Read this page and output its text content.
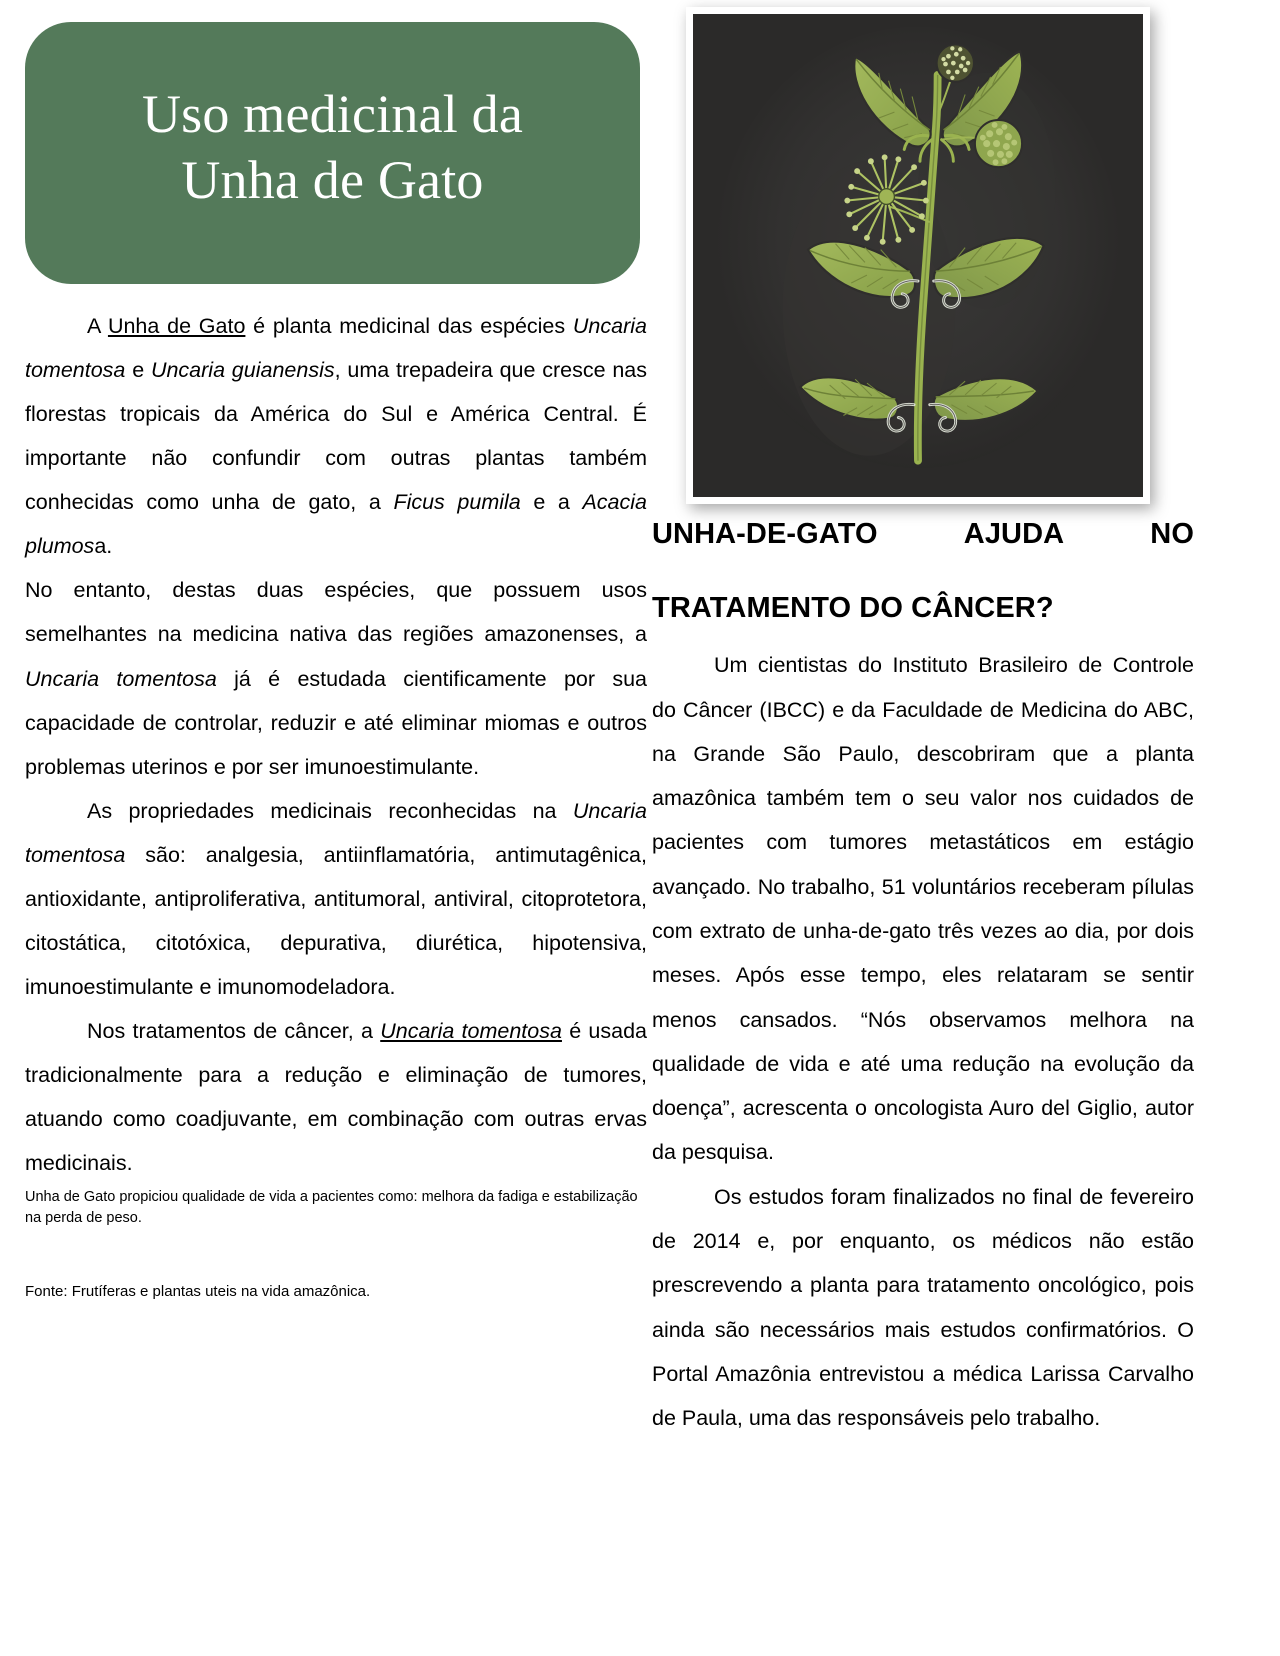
Uso medicinal da
Unha de Gato

A Unha de Gato é planta medicinal das espécies Uncaria tomentosa e Uncaria guianensis, uma trepadeira que cresce nas florestas tropicais da América do Sul e América Central. É importante não confundir com outras plantas também conhecidas como unha de gato, a Ficus pumila e a Acacia plumosa.

No entanto, destas duas espécies, que possuem usos semelhantes na medicina nativa das regiões amazonenses, a Uncaria tomentosa já é estudada cientificamente por sua capacidade de controlar, reduzir e até eliminar miomas e outros problemas uterinos e por ser imunoestimulante.

As propriedades medicinais reconhecidas na Uncaria tomentosa são: analgesia, antiinflamatória, antimutagênica, antioxidante, antiproliferativa, antitumoral, antiviral, citoprotetora, citostática, citotóxica, depurativa, diurética, hipotensiva, imunoestimulante e imunomodeladora.

Nos tratamentos de câncer, a Uncaria tomentosa é usada tradicionalmente para a redução e eliminação de tumores, atuando como coadjuvante, em combinação com outras ervas medicinais.

Unha de Gato propiciou qualidade de vida a pacientes como: melhora da fadiga e estabilização na perda de peso.

Fonte: Frutíferas e plantas uteis na vida amazônica.

UNHA-DE-GATO AJUDA NO
TRATAMENTO DO CÂNCER?

Um cientistas do Instituto Brasileiro de Controle do Câncer (IBCC) e da Faculdade de Medicina do ABC, na Grande São Paulo, descobriram que a planta amazônica também tem o seu valor nos cuidados de pacientes com tumores metastáticos em estágio avançado. No trabalho, 51 voluntários receberam pílulas com extrato de unha-de-gato três vezes ao dia, por dois meses. Após esse tempo, eles relataram se sentir menos cansados. “Nós observamos melhora na qualidade de vida e até uma redução na evolução da doença”, acrescenta o oncologista Auro del Giglio, autor da pesquisa.

Os estudos foram finalizados no final de fevereiro de 2014 e, por enquanto, os médicos não estão prescrevendo a planta para tratamento oncológico, pois ainda são necessários mais estudos confirmatórios. O Portal Amazônia entrevistou a médica Larissa Carvalho de Paula, uma das responsáveis pelo trabalho.
